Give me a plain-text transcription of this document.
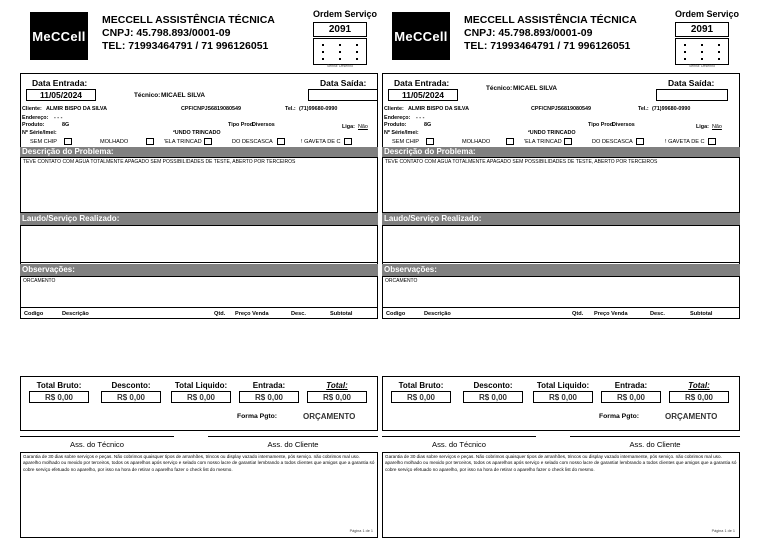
MeCCell
MECCELL ASSISTÊNCIA TÉCNICA
CNPJ: 45.798.893/0001-09
TEL: 71993464791 / 71 996126051
Ordem Serviço
2091
Senha: Desenho
Data Entrada:
11/05/2024	Técnico: MICAEL SILVA
Data Saída:
Cliente: ALMIR BISPO DA SILVA	CPF/CNPJ:
56819080549	Tel.: (71)99680-0990
Endereço: - - -
Produto:	8G	Tipo Prod.
Diversos	Liga: Não
Nº Série/Imei:	²UNDO TRINCADO
SEM CHIP	MOLHADO	'ELA TRINCAD	DO DESCASCA	! GAVETA DE C
Descrição do Problema:
TEVE CONTATO COM AGUA TOTALMENTE APAGADO SEM POSSIBILIDADES DE TESTE, ABERTO POR TERCEIROS
Laudo/Serviço Realizado:
Observações:
ORCAMENTO
Codigo	Descrição	Qtd. Preço Venda	Desc.	Subtotal
Total Bruto:
R$ 0,00
Desconto:
R$ 0,00
Total Liquido:
R$ 0,00
Entrada:
R$ 0,00
Total:
R$ 0,00
Forma Pgto:	ORÇAMENTO
Ass. do Técnico	Ass. do Cliente
Garantia de 30 dias sobre serviços e peças. Não cobrimos quaisquer tipos de arranhões, trincos ou display vazado internamente, pós serviço. não cobrimos mal uso. aparelho molhado ou mexido por terceiros, todos os aparelhos após serviço e selado com nosso lacre de garantia! lembrando a todos clientes que amigos que a garantia só cobre serviço efetuado no aparelho, por isso na hora de retirar o aparelho fazer o check list do mesmo.
Página 1 de 1
MeCCell
MECCELL ASSISTÊNCIA TÉCNICA
CNPJ: 45.798.893/0001-09
TEL: 71993464791 / 71 996126051
Ordem Serviço
2091
Senha: Desenho
Data Entrada:
11/05/2024
Técnico: MICAEL SILVA
Data Saída:
Cliente: ALMIR BISPO DA SILVA	CPF/CNPJ:
56819080549	Tel.: (71)99680-0990
Endereço: - - -
Produto:	8G	Tipo Prod.
Diversos	Liga: Não
Nº Série/Imei:	²UNDO TRINCADO
SEM CHIP	MOLHADO	'ELA TRINCAD	DO DESCASCA	! GAVETA DE C
Descrição do Problema:
TEVE CONTATO COM AGUA TOTALMENTE APAGADO SEM POSSIBILIDADES DE TESTE, ABERTO POR TERCEIROS
Laudo/Serviço Realizado:
Observações:
ORCAMENTO
Codigo	Descrição	Qtd. Preço Venda	Desc.	Subtotal
Total Bruto:
R$ 0,00
Desconto:
R$ 0,00
Total Liquido:
R$ 0,00
Entrada:
R$ 0,00
Total:
R$ 0,00
Forma Pgto:	ORÇAMENTO
Ass. do Técnico	Ass. do Cliente
Garantia de 30 dias sobre serviços e peças. Não cobrimos quaisquer tipos de arranhões, trincos ou display vazado internamente, pós serviço. não cobrimos mal uso. aparelho molhado ou mexido por terceiros, todos os aparelhos após serviço e selado com nosso lacre de garantia! lembrando a todos clientes que amigos que a garantia só cobre serviço efetuado no aparelho, por isso na hora de retirar o aparelho fazer o check list do mesmo.
Página 1 de 1
